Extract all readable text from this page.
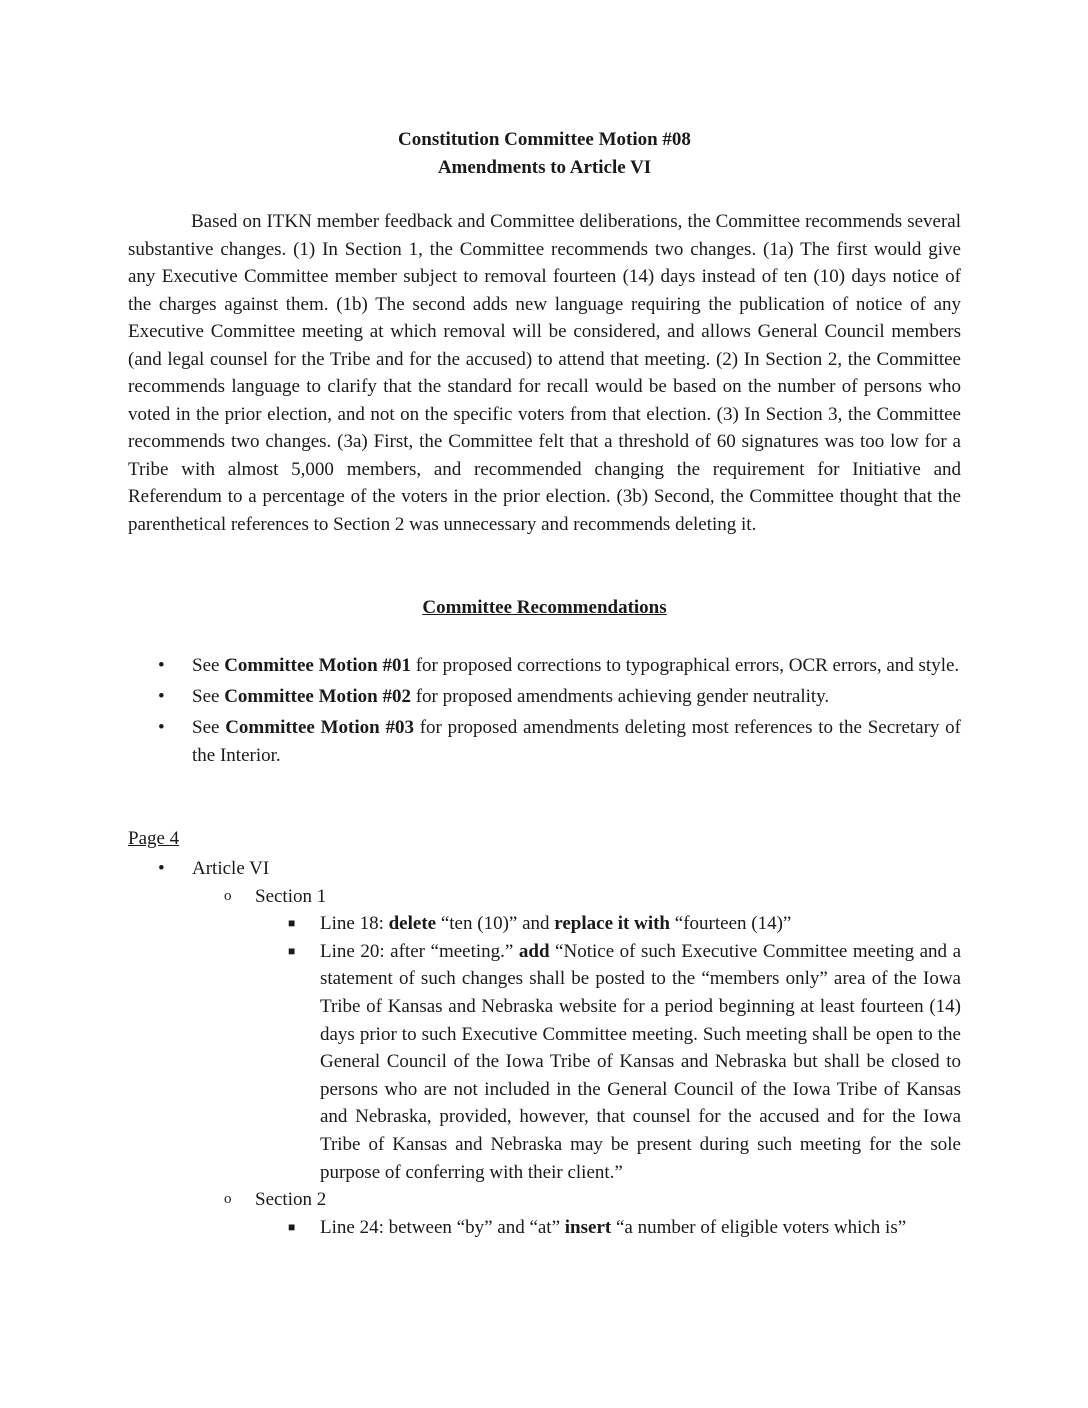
Constitution Committee Motion #08
Amendments to Article VI

Based on ITKN member feedback and Committee deliberations, the Committee recommends several substantive changes. (1) In Section 1, the Committee recommends two changes. (1a) The first would give any Executive Committee member subject to removal fourteen (14) days instead of ten (10) days notice of the charges against them. (1b) The second adds new language requiring the publication of notice of any Executive Committee meeting at which removal will be considered, and allows General Council members (and legal counsel for the Tribe and for the accused) to attend that meeting. (2) In Section 2, the Committee recommends language to clarify that the standard for recall would be based on the number of persons who voted in the prior election, and not on the specific voters from that election. (3) In Section 3, the Committee recommends two changes. (3a) First, the Committee felt that a threshold of 60 signatures was too low for a Tribe with almost 5,000 members, and recommended changing the requirement for Initiative and Referendum to a percentage of the voters in the prior election. (3b) Second, the Committee thought that the parenthetical references to Section 2 was unnecessary and recommends deleting it.

Committee Recommendations
• See Committee Motion #01 for proposed corrections to typographical errors, OCR errors, and style.
• See Committee Motion #02 for proposed amendments achieving gender neutrality.
• See Committee Motion #03 for proposed amendments deleting most references to the Secretary of the Interior.
Page 4
• Article VI
o Section 1
■ Line 18: delete “ten (10)” and replace it with “fourteen (14)”
■ Line 20: after “meeting.” add “Notice of such Executive Committee meeting and a statement of such changes shall be posted to the “members only” area of the Iowa Tribe of Kansas and Nebraska website for a period beginning at least fourteen (14) days prior to such Executive Committee meeting. Such meeting shall be open to the General Council of the Iowa Tribe of Kansas and Nebraska but shall be closed to persons who are not included in the General Council of the Iowa Tribe of Kansas and Nebraska, provided, however, that counsel for the accused and for the Iowa Tribe of Kansas and Nebraska may be present during such meeting for the sole purpose of conferring with their client.”
o Section 2
■ Line 24: between “by” and “at” insert “a number of eligible voters which is”
